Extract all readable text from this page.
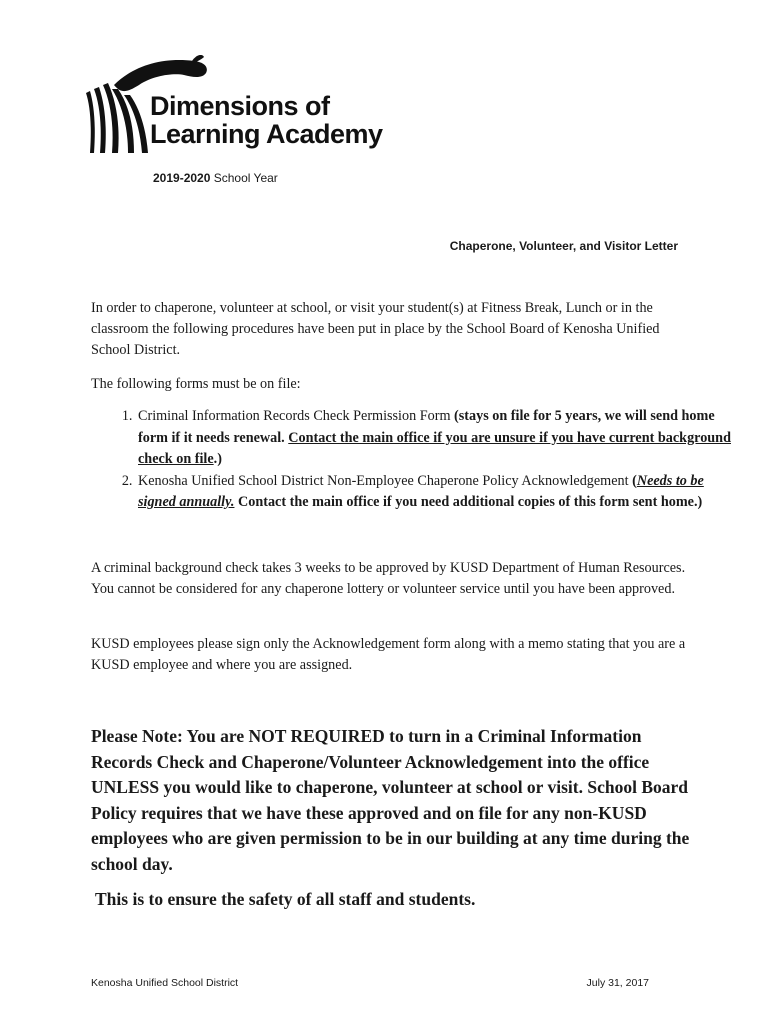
Dimensions of
Learning Academy
2019-2020 School Year
Chaperone, Volunteer, and Visitor Letter
In order to chaperone, volunteer at school, or visit your student(s) at Fitness Break, Lunch or in the classroom the following procedures have been put in place by the School Board of Kenosha Unified School District.
The following forms must be on file:
1. Criminal Information Records Check Permission Form (stays on file for 5 years, we will send home form if it needs renewal. Contact the main office if you are unsure if you have current background check on file.)
2. Kenosha Unified School District Non-Employee Chaperone Policy Acknowledgement (Needs to be signed annually. Contact the main office if you need additional copies of this form sent home.)
A criminal background check takes 3 weeks to be approved by KUSD Department of Human Resources. You cannot be considered for any chaperone lottery or volunteer service until you have been approved.
KUSD employees please sign only the Acknowledgement form along with a memo stating that you are a KUSD employee and where you are assigned.
Please Note: You are NOT REQUIRED to turn in a Criminal Information Records Check and Chaperone/Volunteer Acknowledgement into the office UNLESS you would like to chaperone, volunteer at school or visit. School Board Policy requires that we have these approved and on file for any non-KUSD employees who are given permission to be in our building at any time during the school day.
This is to ensure the safety of all staff and students.
Kenosha Unified School District	July 31, 2017
